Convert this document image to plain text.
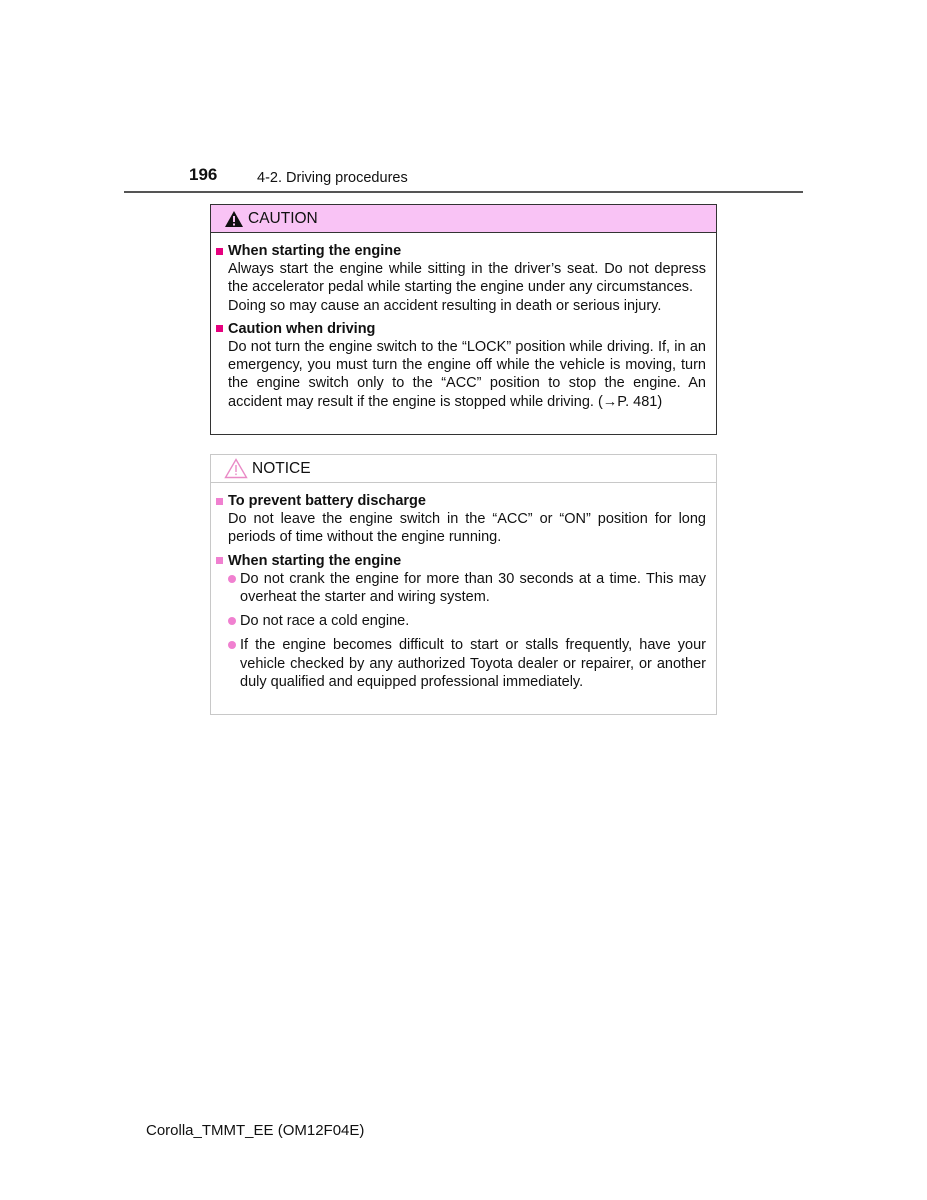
196	4-2. Driving procedures
CAUTION
When starting the engine
Always start the engine while sitting in the driver’s seat. Do not depress the accelerator pedal while starting the engine under any circumstances.
Doing so may cause an accident resulting in death or serious injury.
Caution when driving
Do not turn the engine switch to the “LOCK” position while driving. If, in an emergency, you must turn the engine off while the vehicle is moving, turn the engine switch only to the “ACC” position to stop the engine. An accident may result if the engine is stopped while driving. (→P. 481)
NOTICE
To prevent battery discharge
Do not leave the engine switch in the “ACC” or “ON” position for long periods of time without the engine running.
When starting the engine
Do not crank the engine for more than 30 seconds at a time. This may overheat the starter and wiring system.
Do not race a cold engine.
If the engine becomes difficult to start or stalls frequently, have your vehicle checked by any authorized Toyota dealer or repairer, or another duly qualified and equipped professional immediately.
Corolla_TMMT_EE (OM12F04E)
